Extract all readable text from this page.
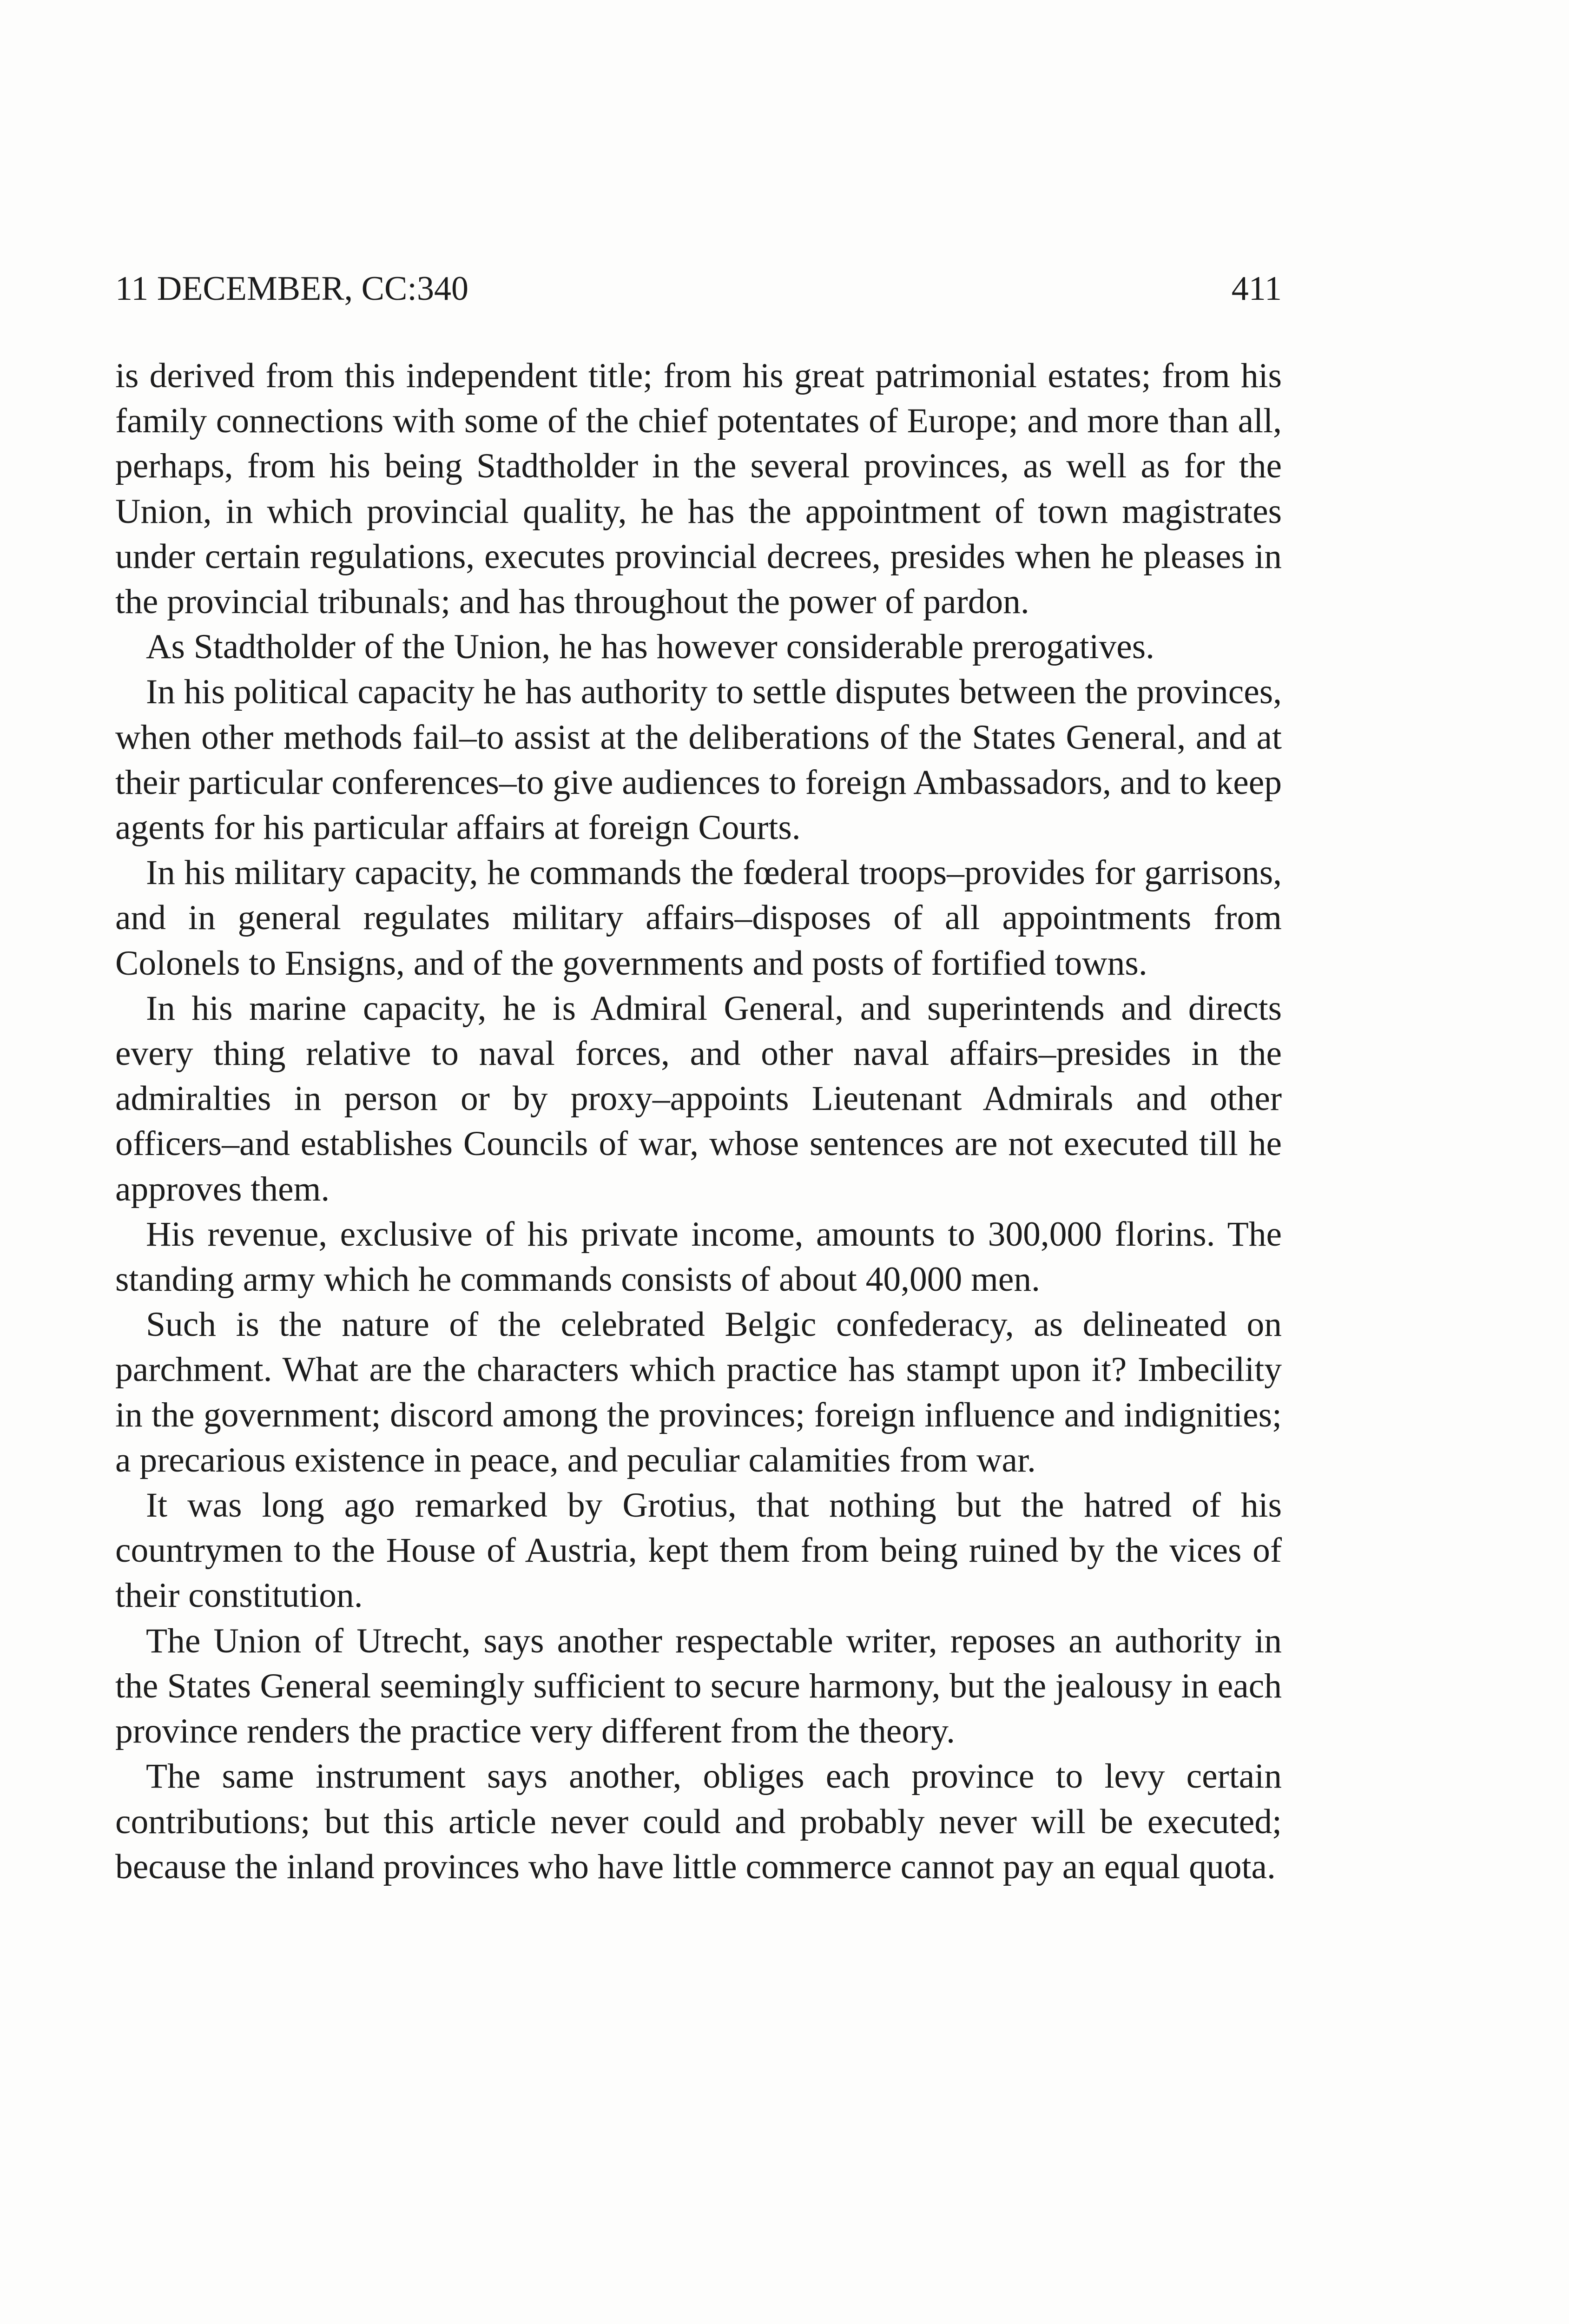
11 DECEMBER, CC:340	411

is derived from this independent title; from his great patrimonial estates; from his family connections with some of the chief potentates of Europe; and more than all, perhaps, from his being Stadtholder in the several provinces, as well as for the Union, in which provincial quality, he has the appointment of town magistrates under certain regulations, executes provincial decrees, presides when he pleases in the provincial tribunals; and has throughout the power of pardon.

As Stadtholder of the Union, he has however considerable prerogatives.

In his political capacity he has authority to settle disputes between the provinces, when other methods fail–to assist at the deliberations of the States General, and at their particular conferences–to give audiences to foreign Ambassadors, and to keep agents for his particular affairs at foreign Courts.

In his military capacity, he commands the fœderal troops–provides for garrisons, and in general regulates military affairs–disposes of all appointments from Colonels to Ensigns, and of the governments and posts of fortified towns.

In his marine capacity, he is Admiral General, and superintends and directs every thing relative to naval forces, and other naval affairs–presides in the admiralties in person or by proxy–appoints Lieutenant Admirals and other officers–and establishes Councils of war, whose sentences are not executed till he approves them.

His revenue, exclusive of his private income, amounts to 300,000 florins. The standing army which he commands consists of about 40,000 men.

Such is the nature of the celebrated Belgic confederacy, as delineated on parchment. What are the characters which practice has stampt upon it? Imbecility in the government; discord among the provinces; foreign influence and indignities; a precarious existence in peace, and peculiar calamities from war.

It was long ago remarked by Grotius, that nothing but the hatred of his countrymen to the House of Austria, kept them from being ruined by the vices of their constitution.

The Union of Utrecht, says another respectable writer, reposes an authority in the States General seemingly sufficient to secure harmony, but the jealousy in each province renders the practice very different from the theory.

The same instrument says another, obliges each province to levy certain contributions; but this article never could and probably never will be executed; because the inland provinces who have little commerce cannot pay an equal quota.
